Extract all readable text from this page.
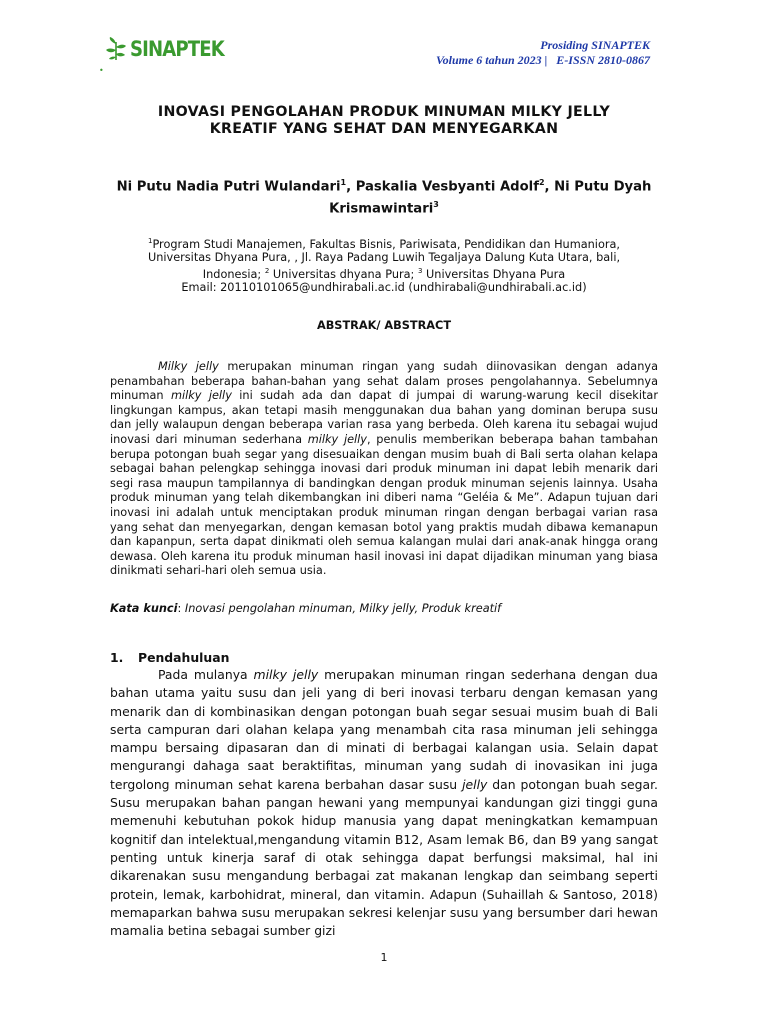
SINAPTEK
•
Prosiding SINAPTEK
Volume 6 tahun 2023 |   E-ISSN 2810-0867
INOVASI PENGOLAHAN PRODUK MINUMAN MILKY JELLY
KREATIF YANG SEHAT DAN MENYEGARKAN
Ni Putu Nadia Putri Wulandari$^1$, Paskalia Vesbyanti Adolf$^2$, Ni Putu Dyah Krismawintari$^3$
$^1$Program Studi Manajemen, Fakultas Bisnis, Pariwisata, Pendidikan dan Humaniora,
Universitas Dhyana Pura, , Jl. Raya Padang Luwih Tegaljaya Dalung Kuta Utara, bali,
Indonesia; $^2$ Universitas dhyana Pura; $^3$ Universitas Dhyana Pura
Email: 20110101065@undhirabali.ac.id (undhirabali@undhirabali.ac.id)
ABSTRAK/ ABSTRACT

Milky jelly merupakan minuman ringan yang sudah diinovasikan dengan adanya penambahan beberapa bahan-bahan yang sehat dalam proses pengolahannya. Sebelumnya minuman milky jelly ini sudah ada dan dapat di jumpai di warung-warung kecil disekitar lingkungan kampus, akan tetapi masih menggunakan dua bahan yang dominan berupa susu dan jelly walaupun dengan beberapa varian rasa yang berbeda. Oleh karena itu sebagai wujud inovasi dari minuman sederhana milky jelly, penulis memberikan beberapa bahan tambahan berupa potongan buah segar yang disesuaikan dengan musim buah di Bali serta olahan kelapa sebagai bahan pelengkap sehingga inovasi dari produk minuman ini dapat lebih menarik dari segi rasa maupun tampilannya di bandingkan dengan produk minuman sejenis lainnya. Usaha produk minuman yang telah dikembangkan ini diberi nama “Geléia & Me”. Adapun tujuan dari inovasi ini adalah untuk menciptakan produk minuman ringan dengan berbagai varian rasa yang sehat dan menyegarkan, dengan kemasan botol yang praktis mudah dibawa kemanapun dan kapanpun, serta dapat dinikmati oleh semua kalangan mulai dari anak-anak hingga orang dewasa. Oleh karena itu produk minuman hasil inovasi ini dapat dijadikan minuman yang biasa dinikmati sehari-hari oleh semua usia.

Kata kunci: Inovasi pengolahan minuman, Milky jelly, Produk kreatif
1. Pendahuluan

Pada mulanya milky jelly merupakan minuman ringan sederhana dengan dua bahan utama yaitu susu dan jeli yang di beri inovasi terbaru dengan kemasan yang menarik dan di kombinasikan dengan potongan buah segar sesuai musim buah di Bali serta campuran dari olahan kelapa yang menambah cita rasa minuman jeli sehingga mampu bersaing dipasaran dan di minati di berbagai kalangan usia. Selain dapat mengurangi dahaga saat beraktifitas, minuman yang sudah di inovasikan ini juga tergolong minuman sehat karena berbahan dasar susu jelly dan potongan buah segar. Susu merupakan bahan pangan hewani yang mempunyai kandungan gizi tinggi guna memenuhi kebutuhan pokok hidup manusia yang dapat meningkatkan kemampuan kognitif dan intelektual,mengandung vitamin B12, Asam lemak B6, dan B9 yang sangat penting untuk kinerja saraf di otak sehingga dapat berfungsi maksimal, hal ini dikarenakan susu mengandung berbagai zat makanan lengkap dan seimbang seperti protein, lemak, karbohidrat, mineral, dan vitamin. Adapun (Suhaillah & Santoso, 2018) memaparkan bahwa susu merupakan sekresi kelenjar susu yang bersumber dari hewan mamalia betina sebagai sumber gizi

1
